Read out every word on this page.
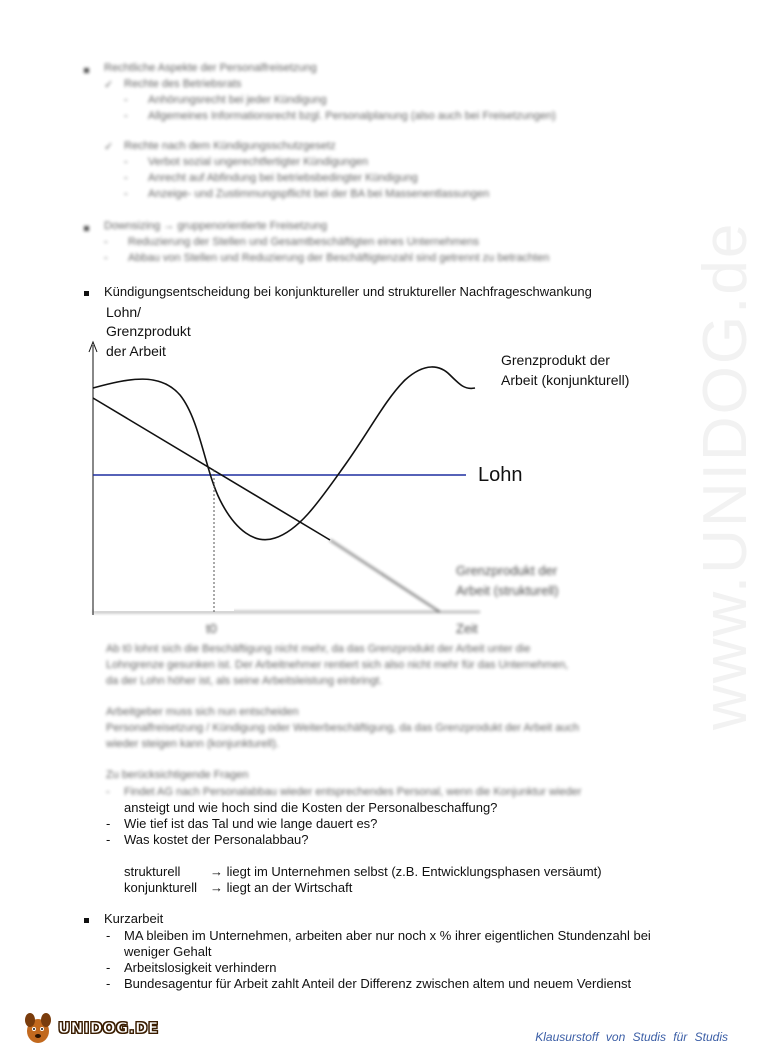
www.UNIDOG.de
Rechtliche Aspekte der Personalfreisetzung
✓ Rechte des Betriebsrats
- Anhörungsrecht bei jeder Kündigung
- Allgemeines Informationsrecht bzgl. Personalplanung (also auch bei Freisetzungen)
✓ Rechte nach dem Kündigungsschutzgesetz
- Verbot sozial ungerechtfertigter Kündigungen
- Anrecht auf Abfindung bei betriebsbedingter Kündigung
- Anzeige- und Zustimmungspflicht bei der BA bei Massenentlassungen
Downsizing → gruppenorientierte Freisetzung
- Reduzierung der Stellen und Gesamtbeschäftigten eines Unternehmens
- Abbau von Stellen und Reduzierung der Beschäftigtenzahl sind getrennt zu betrachten
Kündigungsentscheidung bei konjunktureller und struktureller Nachfrageschwankung
Lohn/
Grenzprodukt
der Arbeit
Grenzprodukt der
Arbeit (konjunkturell)
Lohn
Grenzprodukt der
Arbeit (strukturell)
t0	Zeit
Ab t0 lohnt sich die Beschäftigung nicht mehr, da das Grenzprodukt der Arbeit unter die
Lohngrenze gesunken ist. Der Arbeitnehmer rentiert sich also nicht mehr für das Unternehmen,
da der Lohn höher ist, als seine Arbeitsleistung einbringt.
Arbeitgeber muss sich nun entscheiden
Personalfreisetzung / Kündigung oder Weiterbeschäftigung, da das Grenzprodukt der Arbeit auch
wieder steigen kann (konjunkturell).
Zu berücksichtigende Fragen
- Findet AG nach Personalabbau wieder entsprechendes Personal, wenn die Konjunktur wieder
ansteigt und wie hoch sind die Kosten der Personalbeschaffung?
- Wie tief ist das Tal und wie lange dauert es?
- Was kostet der Personalabbau?
strukturell → liegt im Unternehmen selbst (z.B. Entwicklungsphasen versäumt)
konjunkturell → liegt an der Wirtschaft
Kurzarbeit
- MA bleiben im Unternehmen, arbeiten aber nur noch x % ihrer eigentlichen Stundenzahl bei
weniger Gehalt
- Arbeitslosigkeit verhindern
- Bundesagentur für Arbeit zahlt Anteil der Differenz zwischen altem und neuem Verdienst
UNIDOG.DE	Klausurstoff von Studis für Studis
